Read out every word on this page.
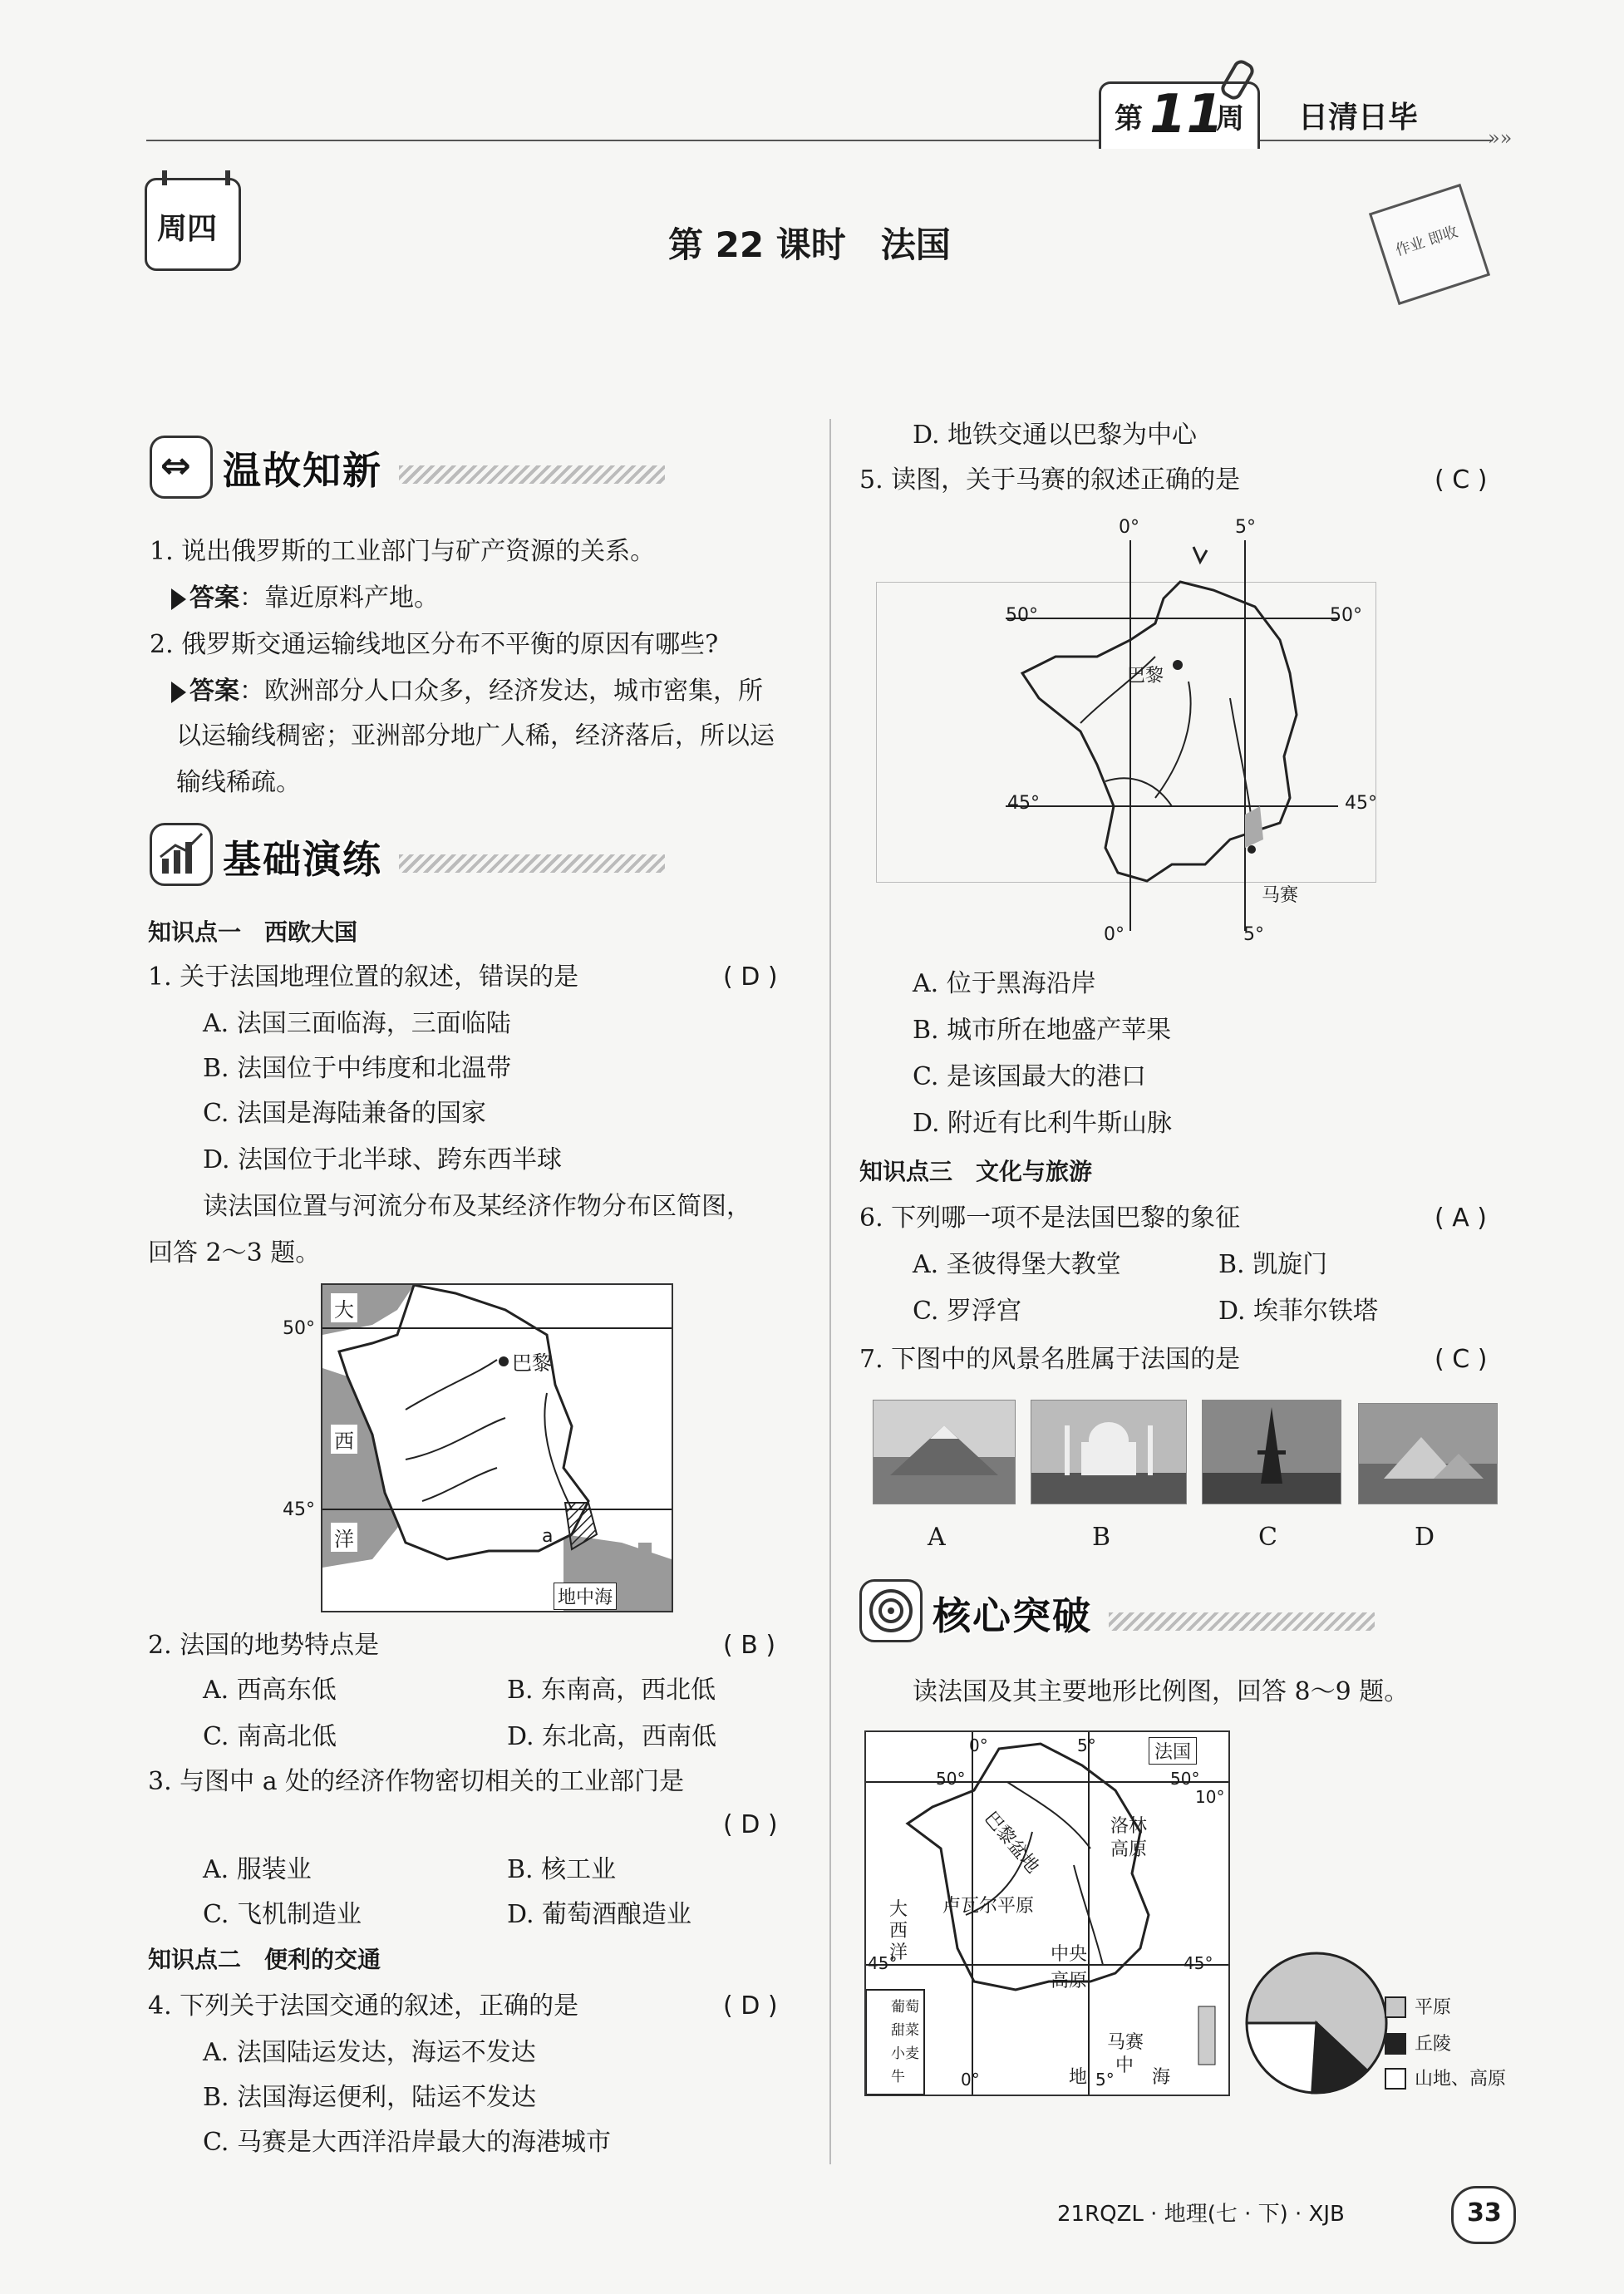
»»
第 11
周 日清日毕
周四	作业 即收
第 22 课时　法国
⇔ 温故知新
1. 说出俄罗斯的工业部门与矿产资源的关系。
答案：靠近原料产地。
2. 俄罗斯交通运输线地区分布不平衡的原因有哪些?
答案：欧洲部分人口众多，经济发达，城市密集，所
以运输线稠密；亚洲部分地广人稀，经济落后，所以运
输线稀疏。
基础演练
知识点一　西欧大国
1. 关于法国地理位置的叙述，错误的是	( D )
A. 法国三面临海，三面临陆
B. 法国位于中纬度和北温带
C. 法国是海陆兼备的国家
D. 法国位于北半球、跨东西半球
读法国位置与河流分布及某经济作物分布区简图，
回答 2～3 题。
大
西
洋
巴黎
a
地中海
50°
45°
2. 法国的地势特点是	( B )
A. 西高东低	B. 东南高，西北低
C. 南高北低	D. 东北高，西南低
3. 与图中 a 处的经济作物密切相关的工业部门是
( D )
A. 服装业	B. 核工业
C. 飞机制造业	D. 葡萄酒酿造业
知识点二　便利的交通
4. 下列关于法国交通的叙述，正确的是	( D )
A. 法国陆运发达，海运不发达
B. 法国海运便利，陆运不发达
C. 马赛是大西洋沿岸最大的海港城市
D. 地铁交通以巴黎为中心
5. 读图，关于马赛的叙述正确的是	( C )
0°	5°
50°	50°
巴黎
45°	45°
马赛
0°	5°
A. 位于黑海沿岸
B. 城市所在地盛产苹果
C. 是该国最大的港口
D. 附近有比利牛斯山脉
知识点三　文化与旅游
6. 下列哪一项不是法国巴黎的象征	( A )
A. 圣彼得堡大教堂	B. 凯旋门
C. 罗浮宫	D. 埃菲尔铁塔
7. 下图中的风景名胜属于法国的是	( C )
A	B	C	D
核心突破
读法国及其主要地形比例图，回答 8～9 题。
法国
0°	5°
50°	50°
10°
巴黎盆地	洛林
高原
卢瓦尔平原
大
西
洋	中央
高原
45°	45°
马赛
地
中
海
0°	5°
葡萄
甜菜
小麦
牛
平原
丘陵
山地、高原
21RQZL · 地理(七 · 下) · XJB	33
